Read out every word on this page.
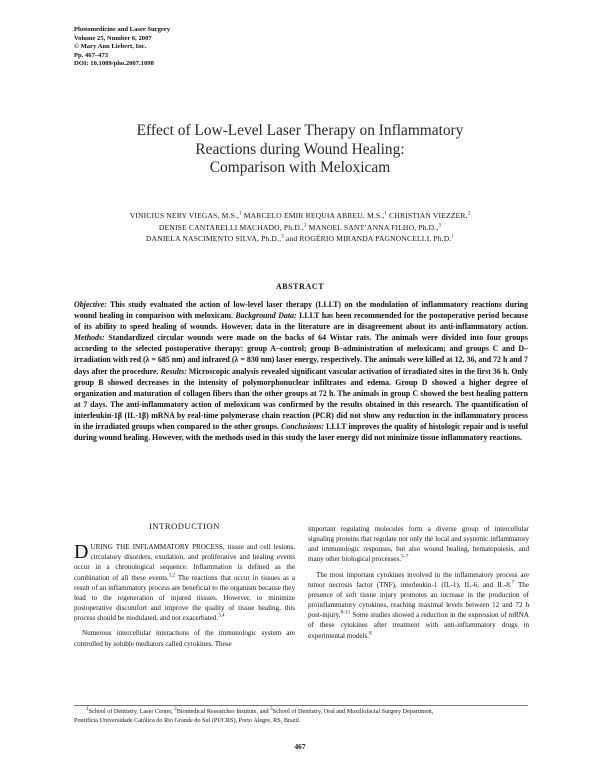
Photomedicine and Laser Surgery
Volume 25, Number 6, 2007
© Mary Ann Liebert, Inc.
Pp. 467–473
DOI: 10.1089/pho.2007.1098
Effect of Low-Level Laser Therapy on Inflammatory
Reactions during Wound Healing:
Comparison with Meloxicam
VINICIUS NERY VIEGAS, M.S.,$^1$ MARCELO EMIR REQUIA ABREU, M.S.,$^1$ CHRISTIAN VIEZZER,$^2$
DENISE CANTARELLI MACHADO, Ph.D.,$^2$ MANOEL SANT’ANNA FILHO, Ph.D.,$^3$
DANIELA NASCIMENTO SILVA, Ph.D.,$^3$ and ROGÉRIO MIRANDA PAGNONCELLI, Ph.D.$^1$
ABSTRACT
Objective: This study evaluated the action of low-level laser therapy (LLLT) on the modulation of inflammatory reactions during wound healing in comparison with meloxicam. Background Data: LLLT has been recommended for the postoperative period because of its ability to speed healing of wounds. However, data in the literature are in disagreement about its anti-inflammatory action. Methods: Standardized circular wounds were made on the backs of 64 Wistar rats. The animals were divided into four groups according to the selected postoperative therapy: group A–control; group B–administration of meloxicam; and groups C and D–irradiation with red (λ = 685 nm) and infrared (λ = 830 nm) laser energy, respectively. The animals were killed at 12, 36, and 72 h and 7 days after the procedure. Results: Microscopic analysis revealed significant vascular activation of irradiated sites in the first 36 h. Only group B showed decreases in the intensity of polymorphonuclear infiltrates and edema. Group D showed a higher degree of organization and maturation of collagen fibers than the other groups at 72 h. The animals in group C showed the best healing pattern at 7 days. The anti-inflammatory action of meloxicam was confirmed by the results obtained in this research. The quantification of interleukin-1β (IL-1β) mRNA by real-time polymerase chain reaction (PCR) did not show any reduction in the inflammatory process in the irradiated groups when compared to the other groups. Conclusions: LLLT improves the quality of histologic repair and is useful during wound healing. However, with the methods used in this study the laser energy did not minimize tissue inflammatory reactions.

INTRODUCTION

DURING THE INFLAMMATORY PROCESS, tissue and cell lesions, circulatory disorders, exudation, and proliferative and healing events occur in a chronological sequence. Inflammation is defined as the combination of all these events.$^{1,2}$ The reactions that occur in tissues as a result of an inflammatory process are beneficial to the organism because they lead to the regeneration of injured tissues. However, to minimize postoperative discomfort and improve the quality of tissue healing, this process should be modulated, and not exacerbated.$^{3,4}$

Numerous intercellular interactions of the immunologic system are controlled by soluble mediators called cytokines. These

important regulating molecules form a diverse group of intercellular signaling proteins that regulate not only the local and systemic inflammatory and immunologic responses, but also wound healing, hematopoiesis, and many other biological processes.$^{5-7}$

The most important cytokines involved in the inflammatory process are tumor necrosis factor (TNF), interleukin-1 (IL-1), IL-6, and IL-8.$^7$ The presence of soft tissue injury promotes an increase in the production of proinflammatory cytokines, reaching maximal levels between 12 and 72 h post-injury.$^{8-11}$ Some studies showed a reduction in the expression of mRNA of these cytokines after treatment with anti-inflammatory drugs in experimental models.$^8$

$^1$School of Dentistry, Laser Center, $^2$Biomedical Researches Institute, and $^3$School of Dentistry, Oral and Maxillofacial Surgery Department,
Pontifícia Universidade Católica do Rio Grande do Sul (PUCRS), Porto Alegre, RS, Brazil.
467
